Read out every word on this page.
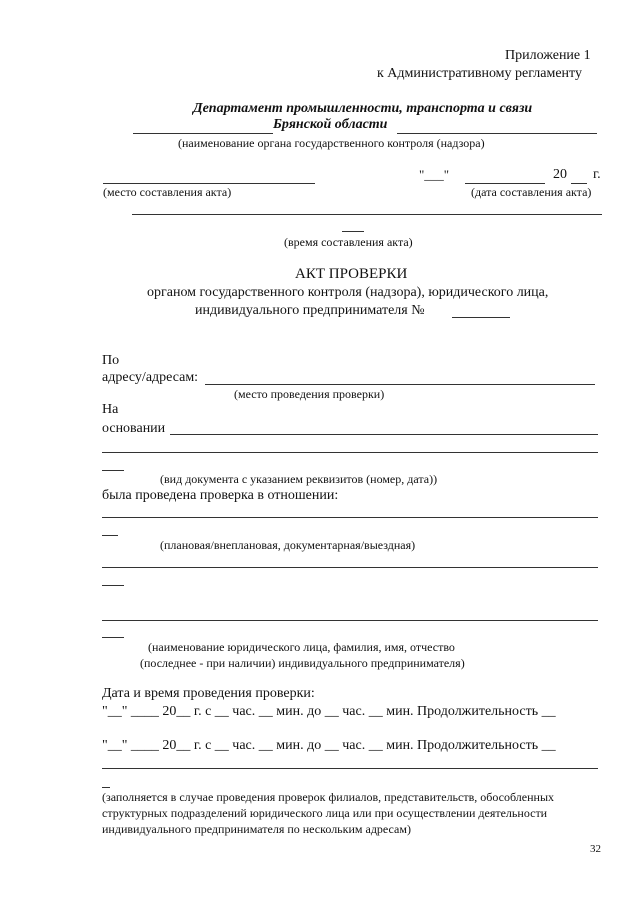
Приложение 1
к Административному регламенту
Департамент промышленности, транспорта и связи
Брянской области
(наименование органа государственного контроля (надзора)
"___"	20 г.
(место составления акта)	(дата составления акта)
(время составления акта)
АКТ ПРОВЕРКИ
органом государственного контроля (надзора), юридического лица,
индивидуального предпринимателя №
По
адресу/адресам:
(место проведения проверки)
На
основании
(вид документа с указанием реквизитов (номер, дата))
была проведена проверка в отношении:
(плановая/внеплановая, документарная/выездная)
(наименование юридического лица, фамилия, имя, отчество
(последнее - при наличии) индивидуального предпринимателя)
Дата и время проведения проверки:
"__" ____ 20__ г. с __ час. __ мин. до __ час. __ мин. Продолжительность __
"__" ____ 20__ г. с __ час. __ мин. до __ час. __ мин. Продолжительность __
(заполняется в случае проведения проверок филиалов, представительств, обособленных
структурных подразделений юридического лица или при осуществлении деятельности
индивидуального предпринимателя по нескольким адресам)
32
